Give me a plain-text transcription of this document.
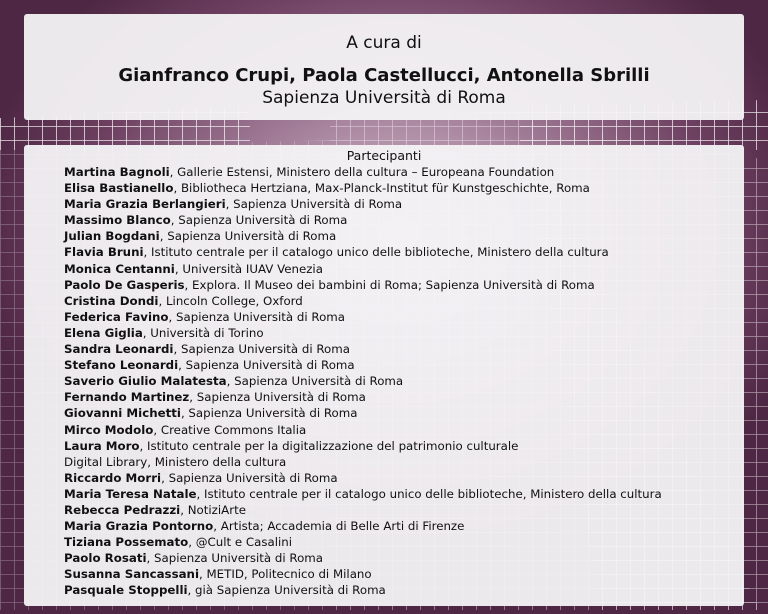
A cura di
Gianfranco Crupi, Paola Castellucci, Antonella Sbrilli
Sapienza Università di Roma
Partecipanti
Martina Bagnoli, Gallerie Estensi, Ministero della cultura – Europeana Foundation
Elisa Bastianello, Bibliotheca Hertziana, Max-Planck-Institut für Kunstgeschichte, Roma
Maria Grazia Berlangieri, Sapienza Università di Roma
Massimo Blanco, Sapienza Università di Roma
Julian Bogdani, Sapienza Università di Roma
Flavia Bruni, Istituto centrale per il catalogo unico delle biblioteche, Ministero della cultura
Monica Centanni, Università IUAV Venezia
Paolo De Gasperis, Explora. Il Museo dei bambini di Roma; Sapienza Università di Roma
Cristina Dondi, Lincoln College, Oxford
Federica Favino, Sapienza Università di Roma
Elena Giglia, Università di Torino
Sandra Leonardi, Sapienza Università di Roma
Stefano Leonardi, Sapienza Università di Roma
Saverio Giulio Malatesta, Sapienza Università di Roma
Fernando Martinez, Sapienza Università di Roma
Giovanni Michetti, Sapienza Università di Roma
Mirco Modolo, Creative Commons Italia
Laura Moro, Istituto centrale per la digitalizzazione del patrimonio culturale
Digital Library, Ministero della cultura
Riccardo Morri, Sapienza Università di Roma
Maria Teresa Natale, Istituto centrale per il catalogo unico delle biblioteche, Ministero della cultura
Rebecca Pedrazzi, NotiziArte
Maria Grazia Pontorno, Artista; Accademia di Belle Arti di Firenze
Tiziana Possemato, @Cult e Casalini
Paolo Rosati, Sapienza Università di Roma
Susanna Sancassani, METID, Politecnico di Milano
Pasquale Stoppelli, già Sapienza Università di Roma
